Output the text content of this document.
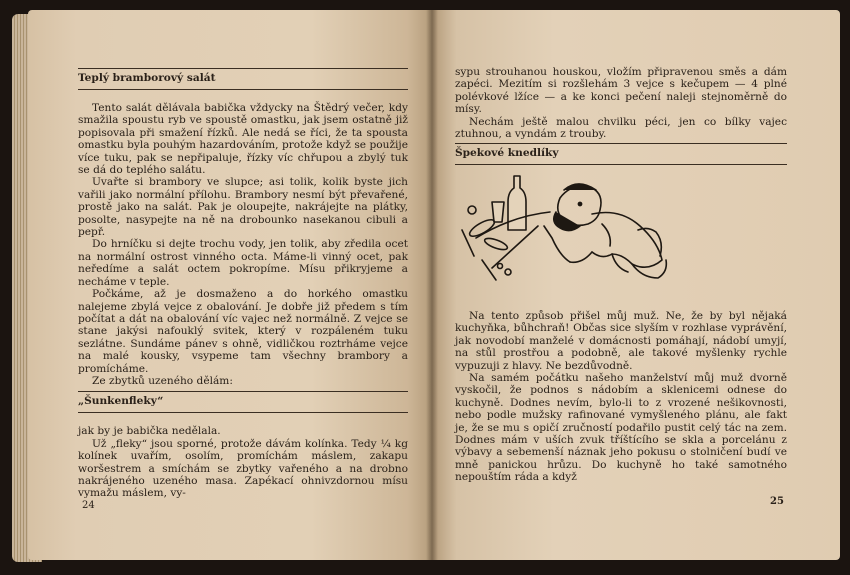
Teplý bramborový salát

Tento salát dělávala babička vždycky na Štědrý večer, kdy smažila spoustu ryb ve spoustě omastku, jak jsem ostatně již popisovala při smažení řízků. Ale nedá se říci, že ta spousta omastku byla pouhým hazardováním, protože když se použije více tuku, pak se nepřipaluje, řízky víc chřupou a zbylý tuk se dá do teplého salátu.

Uvařte si brambory ve slupce; asi tolik, kolik byste jich vařili jako normální přílohu. Brambory nesmí být převařené, prostě jako na salát. Pak je oloupejte, nakrájejte na plátky, posolte, nasypejte na ně na drobounko nasekanou cibuli a pepř.

Do hrníčku si dejte trochu vody, jen tolik, aby zředila ocet na normální ostrost vinného octa. Máme-li vinný ocet, pak neředíme a salát octem pokropíme. Mísu přikryjeme a necháme v teple.

Počkáme, až je dosmaženo a do horkého omastku nalejeme zbylá vejce z obalování. Je dobře již předem s tím počítat a dát na obalování víc vajec než normálně. Z vejce se stane jakýsi nafouklý svitek, který v rozpáleném tuku sezlátne. Sundáme pánev s ohně, vidličkou roztrháme vejce na malé kousky, vsypeme tam všechny brambory a promícháme.

Ze zbytků uzeného dělám:

„Šunkenfleky“

jak by je babička nedělala.

Už „fleky“ jsou sporné, protože dávám kolínka. Tedy ¼ kg kolínek uvařím, osolím, promíchám máslem, zakapu woršestrem a smíchám se zbytky vařeného a na drobno nakrájeného uzeného masa. Zapékací ohnivzdornou mísu vymažu máslem, vy-

24

sypu strouhanou houskou, vložím připravenou směs a dám zapéci. Mezitím si rozšlehám 3 vejce s kečupem — 4 plné polévkové lžíce — a ke konci pečení naleji stejnoměrně do mísy.

Nechám ještě malou chvilku péci, jen co bílky vajec ztuhnou, a vyndám z trouby.

Špekové knedlíky

Na tento způsob přišel můj muž. Ne, že by byl nějaká kuchyňka, bůhchraň! Občas sice slyším v rozhlase vyprávění, jak novodobí manželé v domácnosti pomáhají, nádobí umyjí, na stůl prostřou a podobně, ale takové myšlenky rychle vypuzuji z hlavy. Ne bezdůvodně.

Na samém počátku našeho manželství můj muž dvorně vyskočil, že podnos s nádobím a sklenicemi odnese do kuchyně. Dodnes nevím, bylo-li to z vrozené nešikovnosti, nebo podle mužsky rafinované vymyšleného plánu, ale fakt je, že se mu s opičí zručností podařilo pustit celý tác na zem. Dodnes mám v uších zvuk tříštícího se skla a porcelánu z výbavy a sebemenší náznak jeho pokusu o stolničení budí ve mně panickou hrůzu. Do kuchyně ho také samotného nepouštím ráda a když

25
